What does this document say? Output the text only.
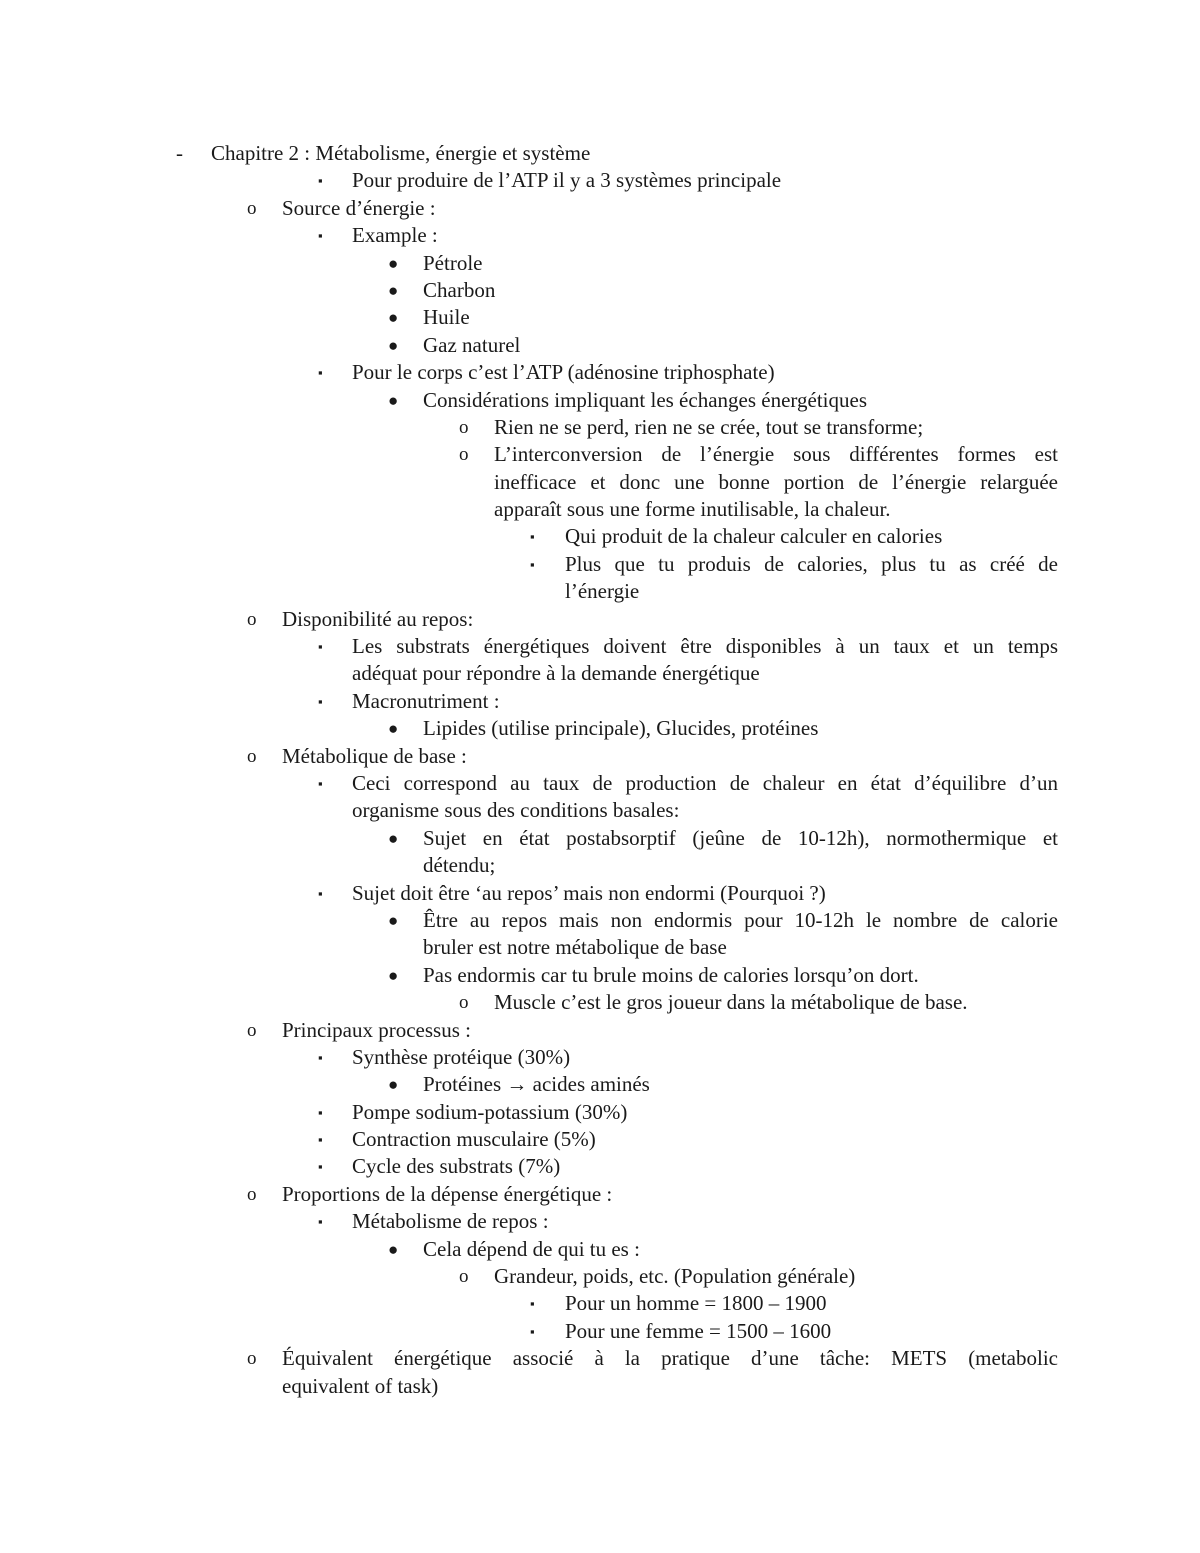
-	Chapitre 2 : Métabolisme, énergie et système
▪	Pour produire de l’ATP il y a 3 systèmes principale
o	Source d’énergie :
▪	Example :
●	Pétrole
●	Charbon
●	Huile
●	Gaz naturel
▪	Pour le corps c’est l’ATP (adénosine triphosphate)
●	Considérations impliquant les échanges énergétiques
o	Rien ne se perd, rien ne se crée, tout se transforme;
o	L’interconversion de l’énergie sous différentes formes est
inefficace et donc une bonne portion de l’énergie relarguée
apparaît sous une forme inutilisable, la chaleur.
▪	Qui produit de la chaleur calculer en calories
▪	Plus que tu produis de calories, plus tu as créé de
l’énergie
o	Disponibilité au repos:
▪	Les substrats énergétiques doivent être disponibles à un taux et un temps
adéquat pour répondre à la demande énergétique
▪	Macronutriment :
●	Lipides (utilise principale), Glucides, protéines
o	Métabolique de base :
▪	Ceci correspond au taux de production de chaleur en état d’équilibre d’un
organisme sous des conditions basales:
●	Sujet en état postabsorptif (jeûne de 10-12h), normothermique et
détendu;
▪	Sujet doit être ‘au repos’ mais non endormi (Pourquoi ?)
●	Être au repos mais non endormis pour 10-12h le nombre de calorie
bruler est notre métabolique de base
●	Pas endormis car tu brule moins de calories lorsqu’on dort.
o	Muscle c’est le gros joueur dans la métabolique de base.
o	Principaux processus :
▪	Synthèse protéique (30%)
●	Protéines → acides aminés
▪	Pompe sodium-potassium (30%)
▪	Contraction musculaire (5%)
▪	Cycle des substrats (7%)
o	Proportions de la dépense énergétique :
▪	Métabolisme de repos :
●	Cela dépend de qui tu es :
o	Grandeur, poids, etc. (Population générale)
▪	Pour un homme = 1800 – 1900
▪	Pour une femme = 1500 – 1600
o	Équivalent énergétique associé à la pratique d’une tâche: METS (metabolic
equivalent of task)
